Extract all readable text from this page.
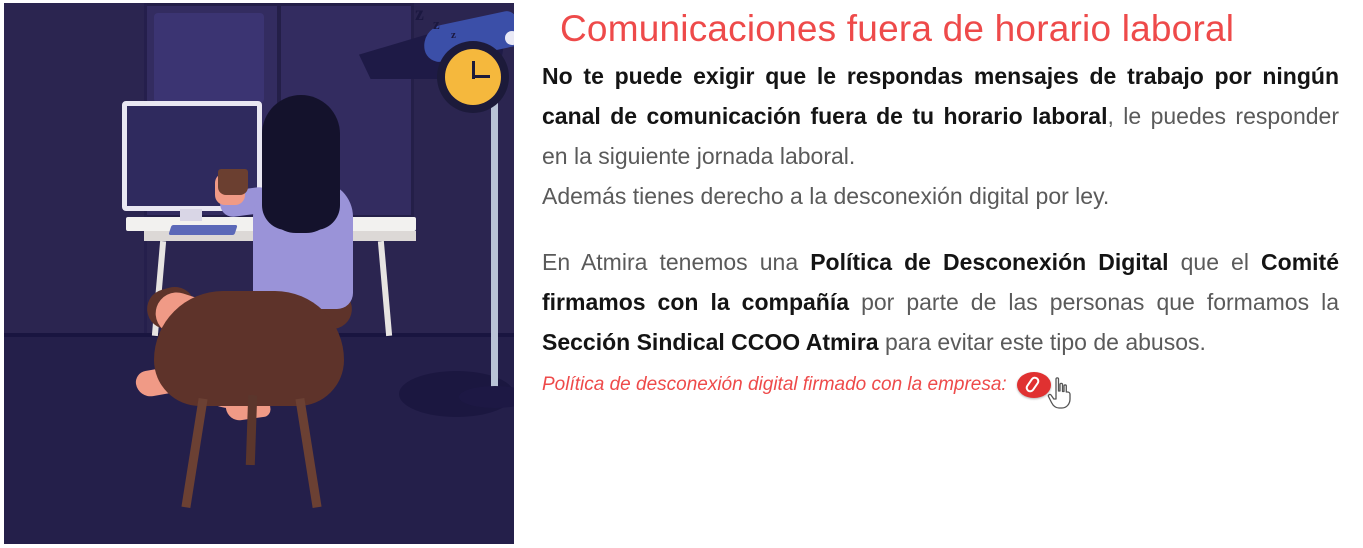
z z
z	Comunicaciones fuera de horario laboral

No te puede exigir que le respondas mensajes de trabajo por ningún canal de comunicación fuera de tu horario laboral, le puedes responder en la siguiente jornada laboral.

Además tienes derecho a la desconexión digital por ley.

En Atmira tenemos una Política de Desconexión Digital que el Comité firmamos con la compañía por parte de las personas que formamos la Sección Sindical CCOO Atmira para evitar este tipo de abusos.

Política de desconexión digital firmado con la empresa:
